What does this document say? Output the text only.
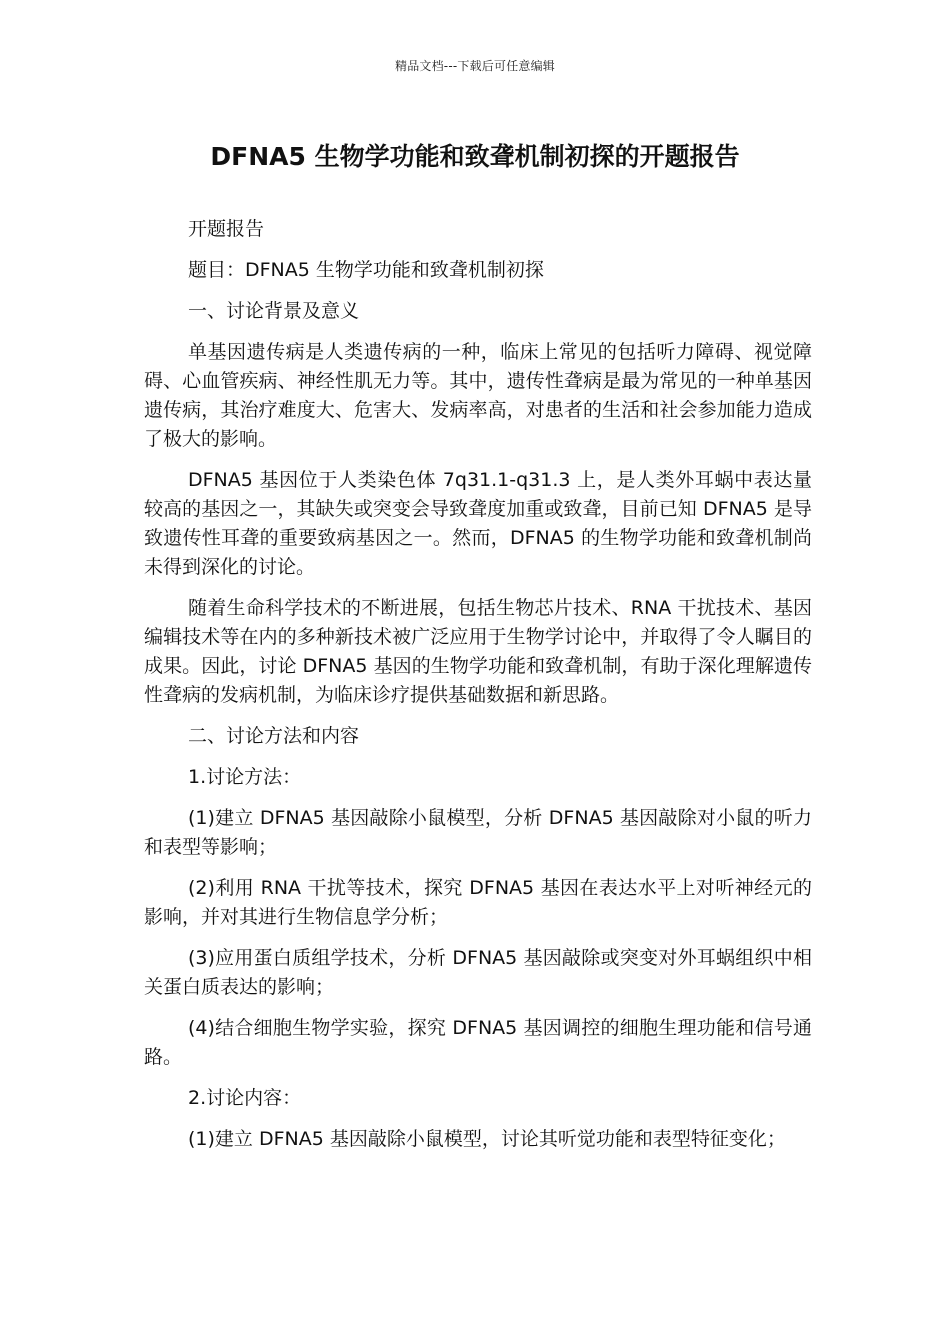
精品文档---下载后可任意编辑
DFNA5 生物学功能和致聋机制初探的开题报告

开题报告

题目：DFNA5 生物学功能和致聋机制初探

一、讨论背景及意义

单基因遗传病是人类遗传病的一种，临床上常见的包括听力障碍、视觉障碍、心血管疾病、神经性肌无力等。其中，遗传性聋病是最为常见的一种单基因遗传病，其治疗难度大、危害大、发病率高，对患者的生活和社会参加能力造成了极大的影响。

DFNA5 基因位于人类染色体 7q31.1-q31.3 上，是人类外耳蜗中表达量较高的基因之一，其缺失或突变会导致聋度加重或致聋，目前已知 DFNA5 是导致遗传性耳聋的重要致病基因之一。然而，DFNA5 的生物学功能和致聋机制尚未得到深化的讨论。

随着生命科学技术的不断进展，包括生物芯片技术、RNA 干扰技术、基因编辑技术等在内的多种新技术被广泛应用于生物学讨论中，并取得了令人瞩目的成果。因此，讨论 DFNA5 基因的生物学功能和致聋机制，有助于深化理解遗传性聋病的发病机制，为临床诊疗提供基础数据和新思路。

二、讨论方法和内容

1.讨论方法：

(1)建立 DFNA5 基因敲除小鼠模型，分析 DFNA5 基因敲除对小鼠的听力和表型等影响；

(2)利用 RNA 干扰等技术，探究 DFNA5 基因在表达水平上对听神经元的影响，并对其进行生物信息学分析；

(3)应用蛋白质组学技术，分析 DFNA5 基因敲除或突变对外耳蜗组织中相关蛋白质表达的影响；

(4)结合细胞生物学实验，探究 DFNA5 基因调控的细胞生理功能和信号通路。

2.讨论内容：

(1)建立 DFNA5 基因敲除小鼠模型，讨论其听觉功能和表型特征变化；
